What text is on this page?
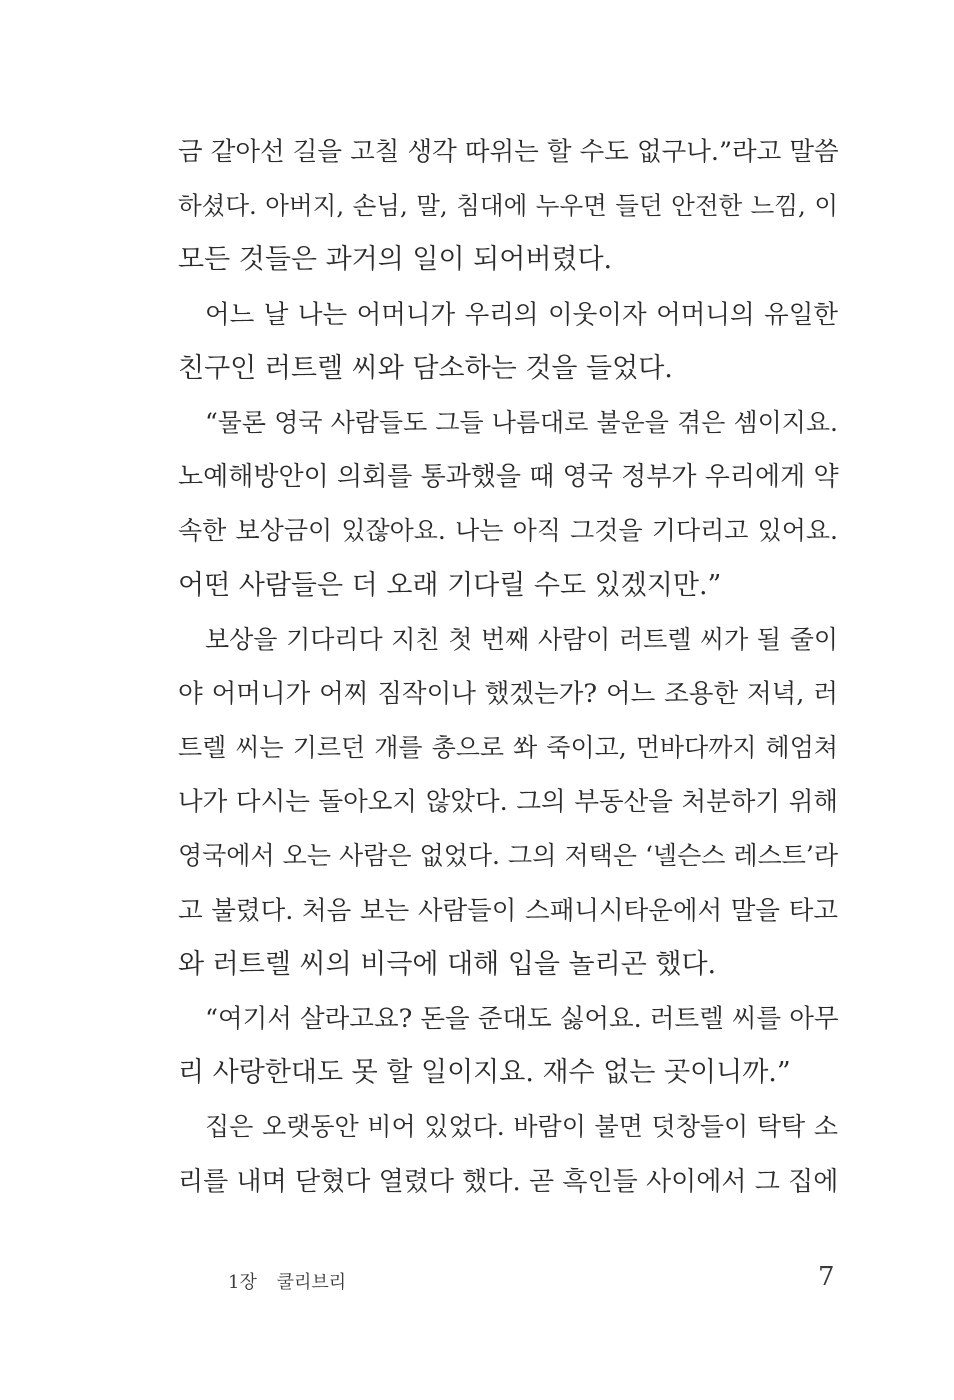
금 같아선 길을 고칠 생각 따위는 할 수도 없구나.”라고 말씀
하셨다. 아버지, 손님, 말, 침대에 누우면 들던 안전한 느낌, 이
모든 것들은 과거의 일이 되어버렸다.
어느 날 나는 어머니가 우리의 이웃이자 어머니의 유일한
친구인 러트렐 씨와 담소하는 것을 들었다.
“물론 영국 사람들도 그들 나름대로 불운을 겪은 셈이지요.
노예해방안이 의회를 통과했을 때 영국 정부가 우리에게 약
속한 보상금이 있잖아요. 나는 아직 그것을 기다리고 있어요.
어떤 사람들은 더 오래 기다릴 수도 있겠지만.”
보상을 기다리다 지친 첫 번째 사람이 러트렐 씨가 될 줄이
야 어머니가 어찌 짐작이나 했겠는가? 어느 조용한 저녁, 러
트렐 씨는 기르던 개를 총으로 쏴 죽이고, 먼바다까지 헤엄쳐
나가 다시는 돌아오지 않았다. 그의 부동산을 처분하기 위해
영국에서 오는 사람은 없었다. 그의 저택은 ‘넬슨스 레스트’라
고 불렸다. 처음 보는 사람들이 스패니시타운에서 말을 타고
와 러트렐 씨의 비극에 대해 입을 놀리곤 했다.
“여기서 살라고요? 돈을 준대도 싫어요. 러트렐 씨를 아무
리 사랑한대도 못 할 일이지요. 재수 없는 곳이니까.”
집은 오랫동안 비어 있었다. 바람이 불면 덧창들이 탁탁 소
리를 내며 닫혔다 열렸다 했다. 곧 흑인들 사이에서 그 집에
1장 쿨리브리	7
